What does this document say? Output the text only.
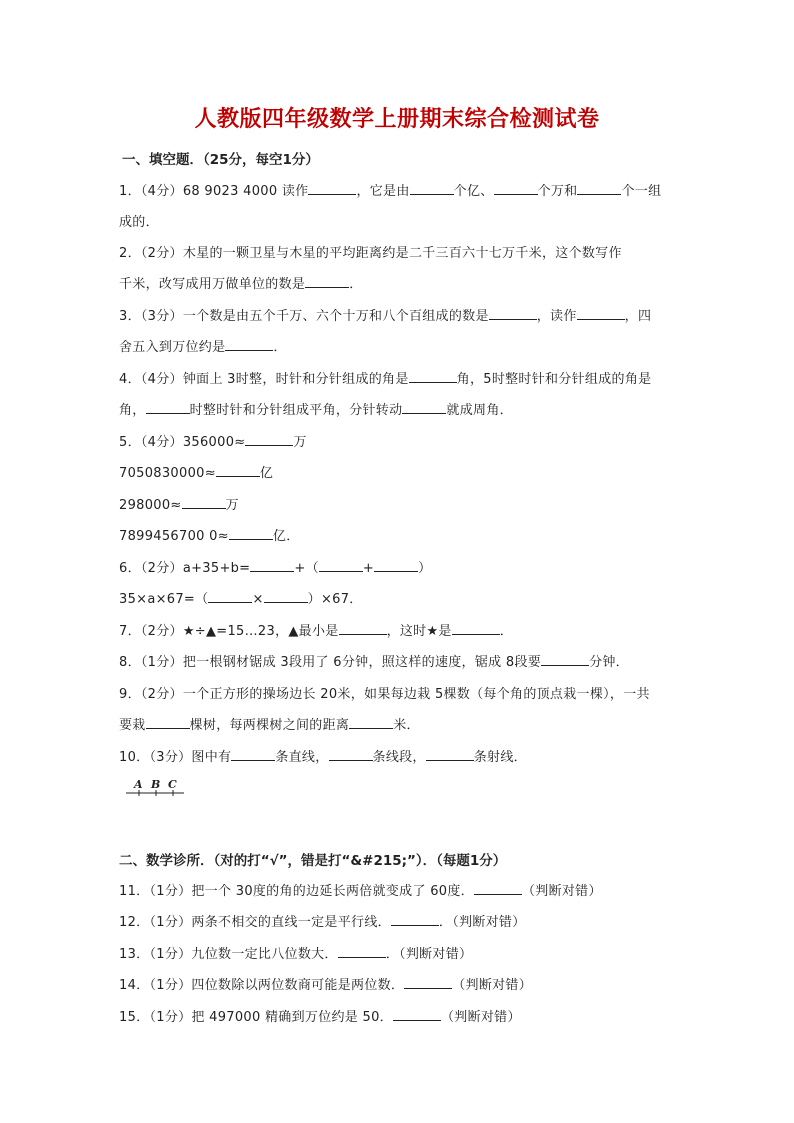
人教版四年级数学上册期末综合检测试卷
一、填空题．（25分，每空1分）
1．（4分）68 9023 4000 读作	，它是由	个亿、	个万和	个一组
成的．
2．（2分）木星的一颗卫星与木星的平均距离约是二千三百六十七万千米，这个数写作
千米，改写成用万做单位的数是	．
3．（3分）一个数是由五个千万、六个十万和八个百组成的数是	，读作	，四
舍五入到万位约是	．
4．（4分）钟面上 3时整，时针和分针组成的角是	角，5时整时针和分针组成的角是
角，	时整时针和分针组成平角，分针转动	就成周角．
5．（4分）356000≈	万
7050830000≈	亿
298000≈	万
7899456700 0≈	亿．
6．（2分）a+35+b=	+（	+	）
35×a×67=（	×	）×67．
7．（2分）★÷▲=15…23，▲最小是	，这时★是	．
8．（1分）把一根钢材锯成 3段用了 6分钟，照这样的速度，锯成 8段要	分钟．
9．（2分）一个正方形的操场边长 20米，如果每边栽 5棵数（每个角的顶点栽一棵），一共
要栽	棵树，每两棵树之间的距离	米．
10．（3分）图中有	条直线，	条线段，	条射线．
A B C
二、数学诊所．（对的打“√”，错是打“&#215;”）．（每题1分）
11．（1分）把一个 30度的角的边延长两倍就变成了 60度．	（判断对错）
12．（1分）两条不相交的直线一定是平行线．	．（判断对错）
13．（1分）九位数一定比八位数大．	．（判断对错）
14．（1分）四位数除以两位数商可能是两位数．	（判断对错）
15．（1分）把 497000 精确到万位约是 50．	（判断对错）
